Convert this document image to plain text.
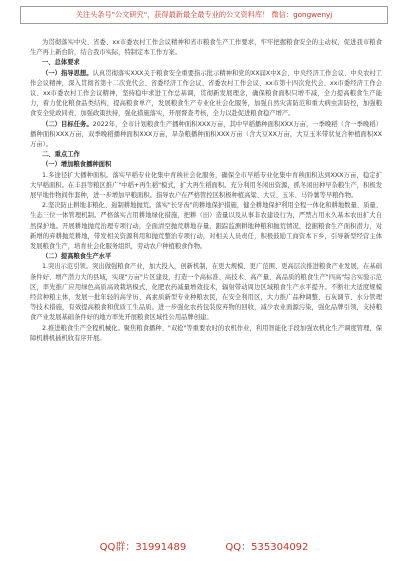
关注头条号"公文研究"，获得最新最全最专业的公文资料库！ 微信：gongwenyj

为贯彻落实中央、省委、xx市委农村工作会议精神和省市粮食生产工作要求，牢牢把握粮食安全的主动权，促进我市粮食生产再上新台阶，结合我市实际，特制定本工作方案。

一、总体要求

（一）指导思想。认真贯彻落实XXX关于粮食安全重要指示批示精神和党的XX届X中X会、中央经济工作会议、中央农村工作会议精神，深入贯彻省第十二次党代会、省委经济工作会议、省委农村工作会议、xx市第十四次党代会、xx市委经济工作会议、xx市委农村工作会议精神，坚持稳中求进工作总基调，贯彻新发展理念，确保粮食面积只增不减，全力提高粮食生产能力，着力优化粮食品类结构，提高粮食单产，发展粮食生产专业化社会化服务，加强自然灾害防范和重大病虫害防控，加强粮食安全党政同责，加强政策扶持，强化措施落实，开展督查考核，全力以赴促进粮食稳产增产。

（二）目标任务。2022年，全市计划粮食生产播种面积XXX万亩，其中早稻播种面积XXX万亩，一季晚稻（含一季晚稻）播种面积XXX万亩，双季晚稻播种面积XXX万亩，旱杂粮播种面积XXX万亩（含大豆XX万亩，大豆玉米带状复合种植面积XX万亩）。

二、重点工作

（一）增加粮食播种面积

1.多途径扩大播种面积。落实早稻专业化集中育秧社会化服务，确保全市早稻专业化集中育秧面积达到XXX万亩，稳定扩大早稻面积。在丰县等粮区推广"中稻+再生稻"模式，扩大再生稻面积。充分利用冬闲田资源，抓冬闲田种早杂粮生产，积极发展早地作物间作套种，进一步增加早粮面积。指导农户在严格管控区积极种植高粱、大豆、玉米、马铃薯等早粮作物。

2.坚决防止耕地非粮化、遏制耕地抛荒。落实"长牙齿"的耕地保护措施，健全耕地保护利用全程一体化和耕地数量、质量、生态三位一体管理机制。严格落实占用耕地绿化措施，把耕（田）造量以及从事非农建设行为，严禁占用永久基本农田扩大自然保护地。开展耕地抛荒治理专项行动，全面清空抛荒耕地存量，跟踪监测耕地种粮和抛荒情况，挖掘粮食生产面积潜力，对新增的弃耕抛荒耕地，带发相关资源利用和抛荒整治专项行动，对相关人员责任，积极鼓励工商资本下乡，引导新型经营主体发展粮食生产，培育社会化服务组织，劳动农户种植粮食作物。

（二）提高粮食生产水平

1.突出示范引领。突出做强粮食产业，加大投入，创新机制，在更大规模、更广范围、更高层次推进粮食产业发展，在基础条件好、增产潜力大的县域，实现"万亩"片区建设，打造一个高标准、高技术、高产量、高品质的粮食生产"四高"综合实验示范区，率先推广应用绿色高质高效栽培模式，化肥农药减量增效技术，辐射带动周边区域粮食生产水平提升。不断壮大适度规模经营种粮主体，发展一批年轻的高学历、高素质新型专业种粮农民，在安全利用区，大力推广品种调整、石灰调节、水分管理等技术措施，有效提高粮食和优质工生品质。进一步强化农药包装废弃物的回收，减少农业面源污染，强化品牌引领，支持粮食产业发展基础条件好的地方率先开展粮食区域性公用品牌创建。

2.推进粮食生产全程机械化。聚焦粮食播种、"双抢"等重要农时的农机作业，利用智能化手段加强农机化生产调度管理，保障机耕机插机收有序开展。

QQ群：31991489	QQ：535304092
